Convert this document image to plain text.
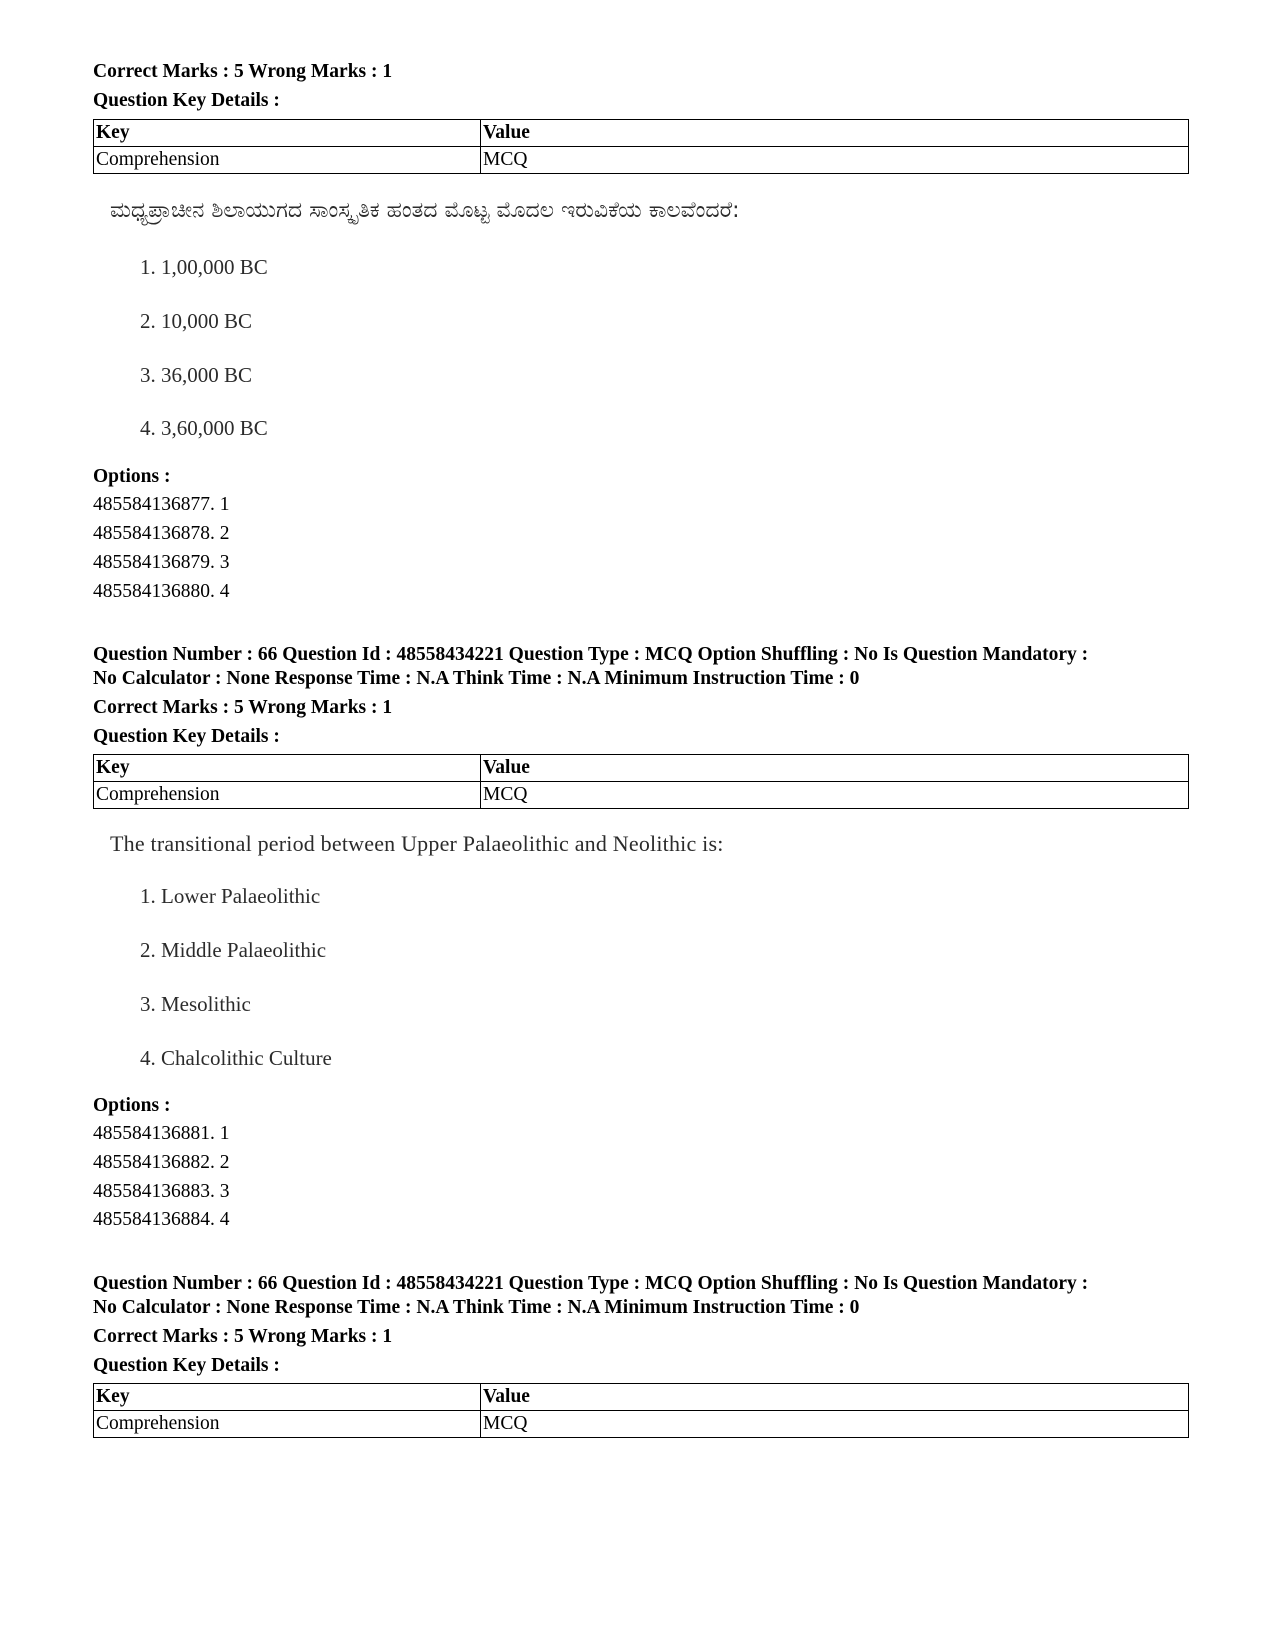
Correct Marks : 5 Wrong Marks : 1
Question Key Details :
Key	Value
Comprehension	MCQ
ಮಧ್ಯಪ್ರಾಚೀನ ಶಿಲಾಯುಗದ ಸಾಂಸ್ಕೃತಿಕ ಹಂತದ ಮೊಟ್ಟ ಮೊದಲ ಇರುವಿಕೆಯ ಕಾಲವೆಂದರೆ:
1. 1,00,000 BC
2. 10,000 BC
3. 36,000 BC
4. 3,60,000 BC
Options :
485584136877. 1
485584136878. 2
485584136879. 3
485584136880. 4
Question Number : 66 Question Id : 48558434221 Question Type : MCQ Option Shuffling : No Is Question Mandatory :
No Calculator : None Response Time : N.A Think Time : N.A Minimum Instruction Time : 0
Correct Marks : 5 Wrong Marks : 1
Question Key Details :
Key	Value
Comprehension	MCQ
The transitional period between Upper Palaeolithic and Neolithic is:
1. Lower Palaeolithic
2. Middle Palaeolithic
3. Mesolithic
4. Chalcolithic Culture
Options :
485584136881. 1
485584136882. 2
485584136883. 3
485584136884. 4
Question Number : 66 Question Id : 48558434221 Question Type : MCQ Option Shuffling : No Is Question Mandatory :
No Calculator : None Response Time : N.A Think Time : N.A Minimum Instruction Time : 0
Correct Marks : 5 Wrong Marks : 1
Question Key Details :
Key	Value
Comprehension	MCQ
